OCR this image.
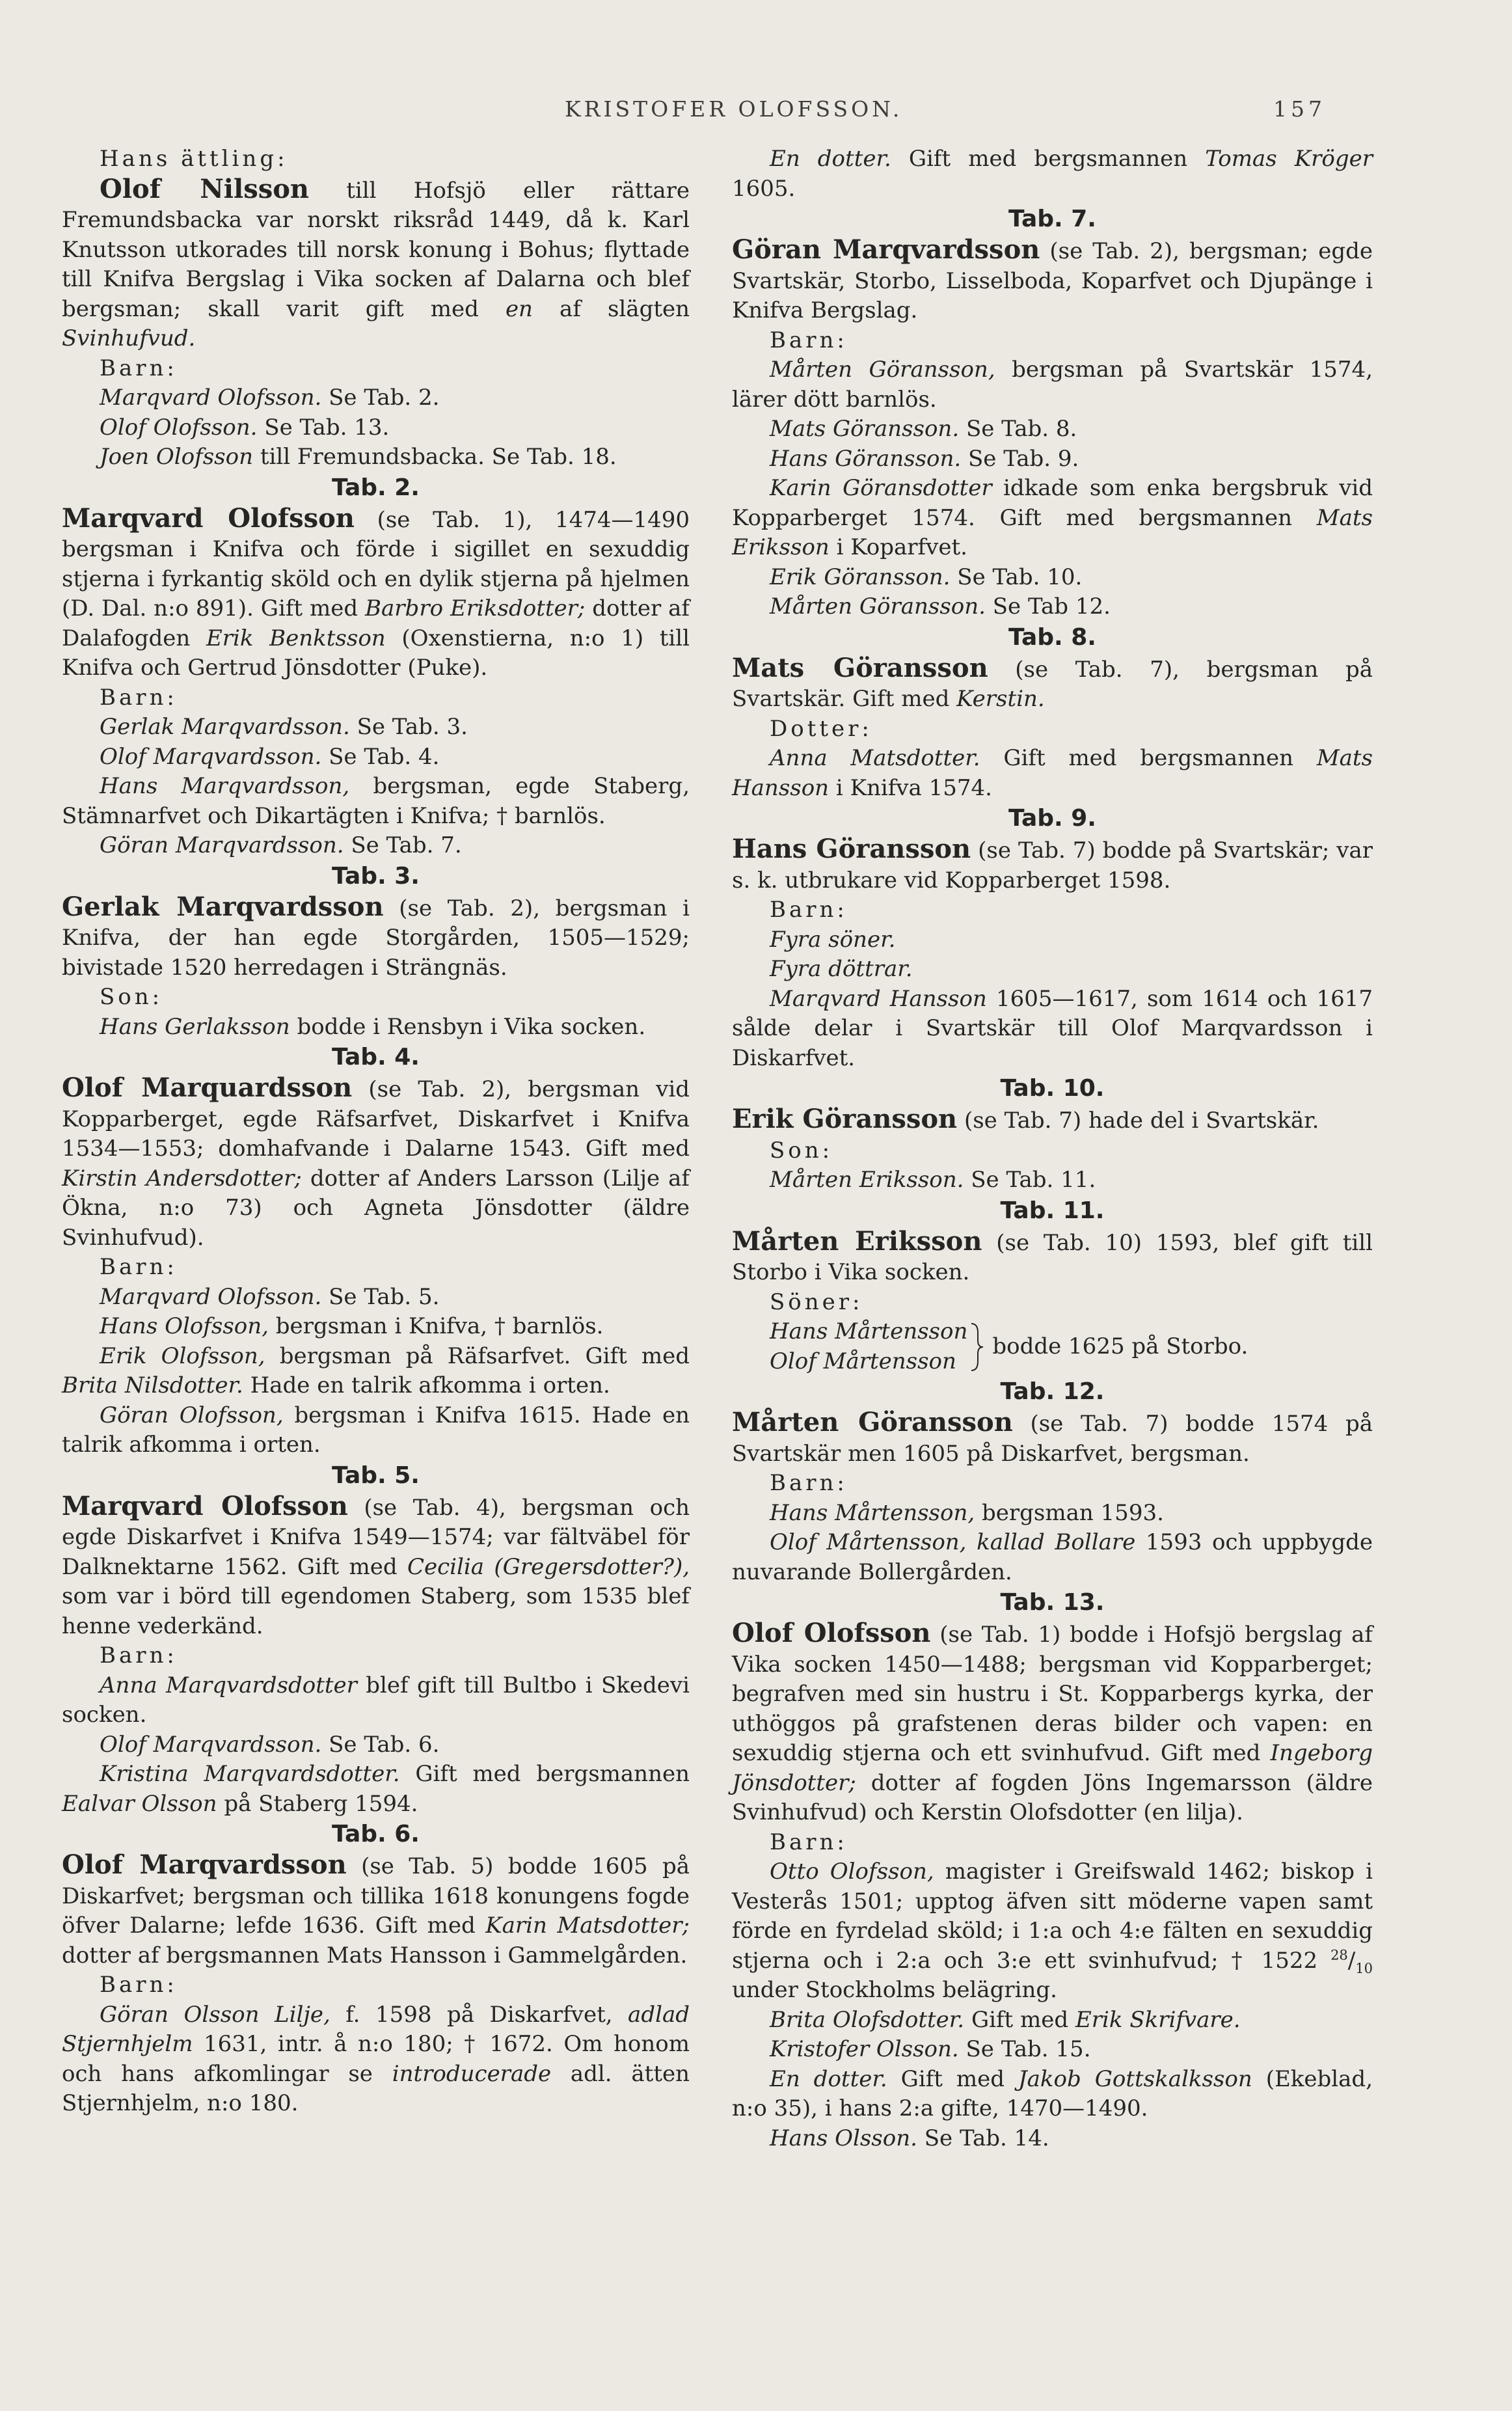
KRISTOFER OLOFSSON.	157

Hans ättling:

Olof Nilsson till Hofsjö eller rättare Fremundsbacka var norskt riksråd 1449, då k. Karl Knutsson utkorades till norsk konung i Bohus; flyttade till Knifva Bergslag i Vika socken af Dalarna och blef bergsman; skall varit gift med en af slägten Svinhufvud.

Barn:

Marqvard Olofsson. Se Tab. 2.

Olof Olofsson. Se Tab. 13.

Joen Olofsson till Fremundsbacka. Se Tab. 18.

Tab. 2.

Marqvard Olofsson (se Tab. 1), 1474—1490 bergsman i Knifva och förde i sigillet en sexuddig stjerna i fyrkantig sköld och en dylik stjerna på hjelmen (D. Dal. n:o 891). Gift med Barbro Eriksdotter; dotter af Dalafogden Erik Benktsson (Oxenstierna, n:o 1) till Knifva och Gertrud Jönsdotter (Puke).

Barn:

Gerlak Marqvardsson. Se Tab. 3.

Olof Marqvardsson. Se Tab. 4.

Hans Marqvardsson, bergsman, egde Staberg, Stämnarfvet och Dikartägten i Knifva; † barnlös.

Göran Marqvardsson. Se Tab. 7.

Tab. 3.

Gerlak Marqvardsson (se Tab. 2), bergsman i Knifva, der han egde Storgården, 1505—1529; bivistade 1520 herredagen i Strängnäs.

Son:

Hans Gerlaksson bodde i Rensbyn i Vika socken.

Tab. 4.

Olof Marquardsson (se Tab. 2), bergsman vid Kopparberget, egde Räfsarfvet, Diskarfvet i Knifva 1534—1553; domhafvande i Dalarne 1543. Gift med Kirstin Andersdotter; dotter af Anders Larsson (Lilje af Ökna, n:o 73) och Agneta Jönsdotter (äldre Svinhufvud).

Barn:

Marqvard Olofsson. Se Tab. 5.

Hans Olofsson, bergsman i Knifva, † barnlös.

Erik Olofsson, bergsman på Räfsarfvet. Gift med Brita Nilsdotter. Hade en talrik afkomma i orten.

Göran Olofsson, bergsman i Knifva 1615. Hade en talrik afkomma i orten.

Tab. 5.

Marqvard Olofsson (se Tab. 4), bergsman och egde Diskarfvet i Knifva 1549—1574; var fältväbel för Dalknektarne 1562. Gift med Cecilia (Gregersdotter?), som var i börd till egendomen Staberg, som 1535 blef henne vederkänd.

Barn:

Anna Marqvardsdotter blef gift till Bultbo i Skedevi socken.

Olof Marqvardsson. Se Tab. 6.

Kristina Marqvardsdotter. Gift med bergsmannen Ealvar Olsson på Staberg 1594.

Tab. 6.

Olof Marqvardsson (se Tab. 5) bodde 1605 på Diskarfvet; bergsman och tillika 1618 konungens fogde öfver Dalarne; lefde 1636. Gift med Karin Matsdotter; dotter af bergsmannen Mats Hansson i Gammelgården.

Barn:

Göran Olsson Lilje, f. 1598 på Diskarfvet, adlad Stjernhjelm 1631, intr. å n:o 180; † 1672. Om honom och hans afkomlingar se introducerade adl. ätten Stjernhjelm, n:o 180.

En dotter. Gift med bergsmannen Tomas Kröger 1605.

Tab. 7.

Göran Marqvardsson (se Tab. 2), bergsman; egde Svartskär, Storbo, Lisselboda, Koparfvet och Djupänge i Knifva Bergslag.

Barn:

Mårten Göransson, bergsman på Svartskär 1574, lärer dött barnlös.

Mats Göransson. Se Tab. 8.

Hans Göransson. Se Tab. 9.

Karin Göransdotter idkade som enka bergsbruk vid Kopparberget 1574. Gift med bergsmannen Mats Eriksson i Koparfvet.

Erik Göransson. Se Tab. 10.

Mårten Göransson. Se Tab 12.

Tab. 8.

Mats Göransson (se Tab. 7), bergsman på Svartskär. Gift med Kerstin.

Dotter:

Anna Matsdotter. Gift med bergsmannen Mats Hansson i Knifva 1574.

Tab. 9.

Hans Göransson (se Tab. 7) bodde på Svartskär; var s. k. utbrukare vid Kopparberget 1598.

Barn:

Fyra söner.

Fyra döttrar.

Marqvard Hansson 1605—1617, som 1614 och 1617 sålde delar i Svartskär till Olof Marqvardsson i Diskarfvet.

Tab. 10.

Erik Göransson (se Tab. 7) hade del i Svartskär.

Son:

Mårten Eriksson. Se Tab. 11.

Tab. 11.

Mårten Eriksson (se Tab. 10) 1593, blef gift till Storbo i Vika socken.

Söner:

Hans Mårtensson
Olof Mårtensson
bodde 1625 på Storbo.

Tab. 12.

Mårten Göransson (se Tab. 7) bodde 1574 på Svartskär men 1605 på Diskarfvet, bergsman.

Barn:

Hans Mårtensson, bergsman 1593.

Olof Mårtensson, kallad Bollare 1593 och uppbygde nuvarande Bollergården.

Tab. 13.

Olof Olofsson (se Tab. 1) bodde i Hofsjö bergslag af Vika socken 1450—1488; bergsman vid Kopparberget; begrafven med sin hustru i St. Kopparbergs kyrka, der uthöggos på grafstenen deras bilder och vapen: en sexuddig stjerna och ett svinhufvud. Gift med Ingeborg Jönsdotter; dotter af fogden Jöns Ingemarsson (äldre Svinhufvud) och Kerstin Olofsdotter (en lilja).

Barn:

Otto Olofsson, magister i Greifswald 1462; biskop i Vesterås 1501; upptog äfven sitt möderne vapen samt förde en fyrdelad sköld; i 1:a och 4:e fälten en sexuddig stjerna och i 2:a och 3:e ett svinhufvud; † 1522 $^{28}/_{10}$ under Stockholms belägring.

Brita Olofsdotter. Gift med Erik Skrifvare.

Kristofer Olsson. Se Tab. 15.

En dotter. Gift med Jakob Gottskalksson (Ekeblad, n:o 35), i hans 2:a gifte, 1470—1490.

Hans Olsson. Se Tab. 14.
